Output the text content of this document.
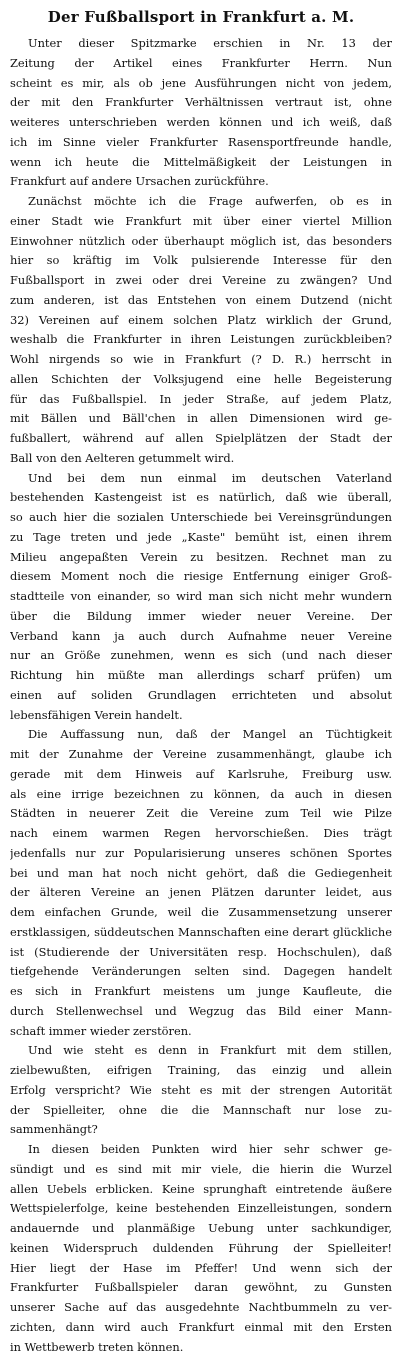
Der Fußballsport in Frankfurt a. M.
Unter dieser Spitzmarke erschien in Nr. 13 der
Zeitung der Artikel eines Frankfurter Herrn. Nun
scheint es mir, als ob jene Ausführungen nicht von jedem,
der mit den Frankfurter Verhältnissen vertraut ist, ohne
weiteres unterschrieben werden können und ich weiß, daß
ich im Sinne vieler Frankfurter Rasensportfreunde handle,
wenn ich heute die Mittelmäßigkeit der Leistungen in
Frankfurt auf andere Ursachen zurückführe.
Zunächst möchte ich die Frage aufwerfen, ob es in
einer Stadt wie Frankfurt mit über einer viertel Million
Einwohner nützlich oder überhaupt möglich ist, das besonders
hier so kräftig im Volk pulsierende Interesse für den
Fußballsport in zwei oder drei Vereine zu zwängen? Und
zum anderen, ist das Entstehen von einem Dutzend (nicht
32) Vereinen auf einem solchen Platz wirklich der Grund,
weshalb die Frankfurter in ihren Leistungen zurückbleiben?
Wohl nirgends so wie in Frankfurt (? D. R.) herrscht in
allen Schichten der Volksjugend eine helle Begeisterung
für das Fußballspiel. In jeder Straße, auf jedem Platz,
mit Bällen und Bäll'chen in allen Dimensionen wird ge-
fußballert, während auf allen Spielplätzen der Stadt der
Ball von den Aelteren getummelt wird.
Und bei dem nun einmal im deutschen Vaterland
bestehenden Kastengeist ist es natürlich, daß wie überall,
so auch hier die sozialen Unterschiede bei Vereinsgründungen
zu Tage treten und jede „Kaste" bemüht ist, einen ihrem
Milieu angepaßten Verein zu besitzen. Rechnet man zu
diesem Moment noch die riesige Entfernung einiger Groß-
stadtteile von einander, so wird man sich nicht mehr wundern
über die Bildung immer wieder neuer Vereine. Der
Verband kann ja auch durch Aufnahme neuer Vereine
nur an Größe zunehmen, wenn es sich (und nach dieser
Richtung hin müßte man allerdings scharf prüfen) um
einen auf soliden Grundlagen errichteten und absolut
lebensfähigen Verein handelt.
Die Auffassung nun, daß der Mangel an Tüchtigkeit
mit der Zunahme der Vereine zusammenhängt, glaube ich
gerade mit dem Hinweis auf Karlsruhe, Freiburg usw.
als eine irrige bezeichnen zu können, da auch in diesen
Städten in neuerer Zeit die Vereine zum Teil wie Pilze
nach einem warmen Regen hervorschießen. Dies trägt
jedenfalls nur zur Popularisierung unseres schönen Sportes
bei und man hat noch nicht gehört, daß die Gediegenheit
der älteren Vereine an jenen Plätzen darunter leidet, aus
dem einfachen Grunde, weil die Zusammensetzung unserer
erstklassigen, süddeutschen Mannschaften eine derart glückliche
ist (Studierende der Universitäten resp. Hochschulen), daß
tiefgehende Veränderungen selten sind. Dagegen handelt
es sich in Frankfurt meistens um junge Kaufleute, die
durch Stellenwechsel und Wegzug das Bild einer Mann-
schaft immer wieder zerstören.
Und wie steht es denn in Frankfurt mit dem stillen,
zielbewußten, eifrigen Training, das einzig und allein
Erfolg verspricht? Wie steht es mit der strengen Autorität
der Spielleiter, ohne die die Mannschaft nur lose zu-
sammenhängt?
In diesen beiden Punkten wird hier sehr schwer ge-
sündigt und es sind mit mir viele, die hierin die Wurzel
allen Uebels erblicken. Keine sprunghaft eintretende äußere
Wettspielerfolge, keine bestehenden Einzelleistungen, sondern
andauernde und planmäßige Uebung unter sachkundiger,
keinen Widerspruch duldenden Führung der Spielleiter!
Hier liegt der Hase im Pfeffer! Und wenn sich der
Frankfurter Fußballspieler daran gewöhnt, zu Gunsten
unserer Sache auf das ausgedehnte Nachtbummeln zu ver-
zichten, dann wird auch Frankfurt einmal mit den Ersten
in Wettbewerb treten können.
